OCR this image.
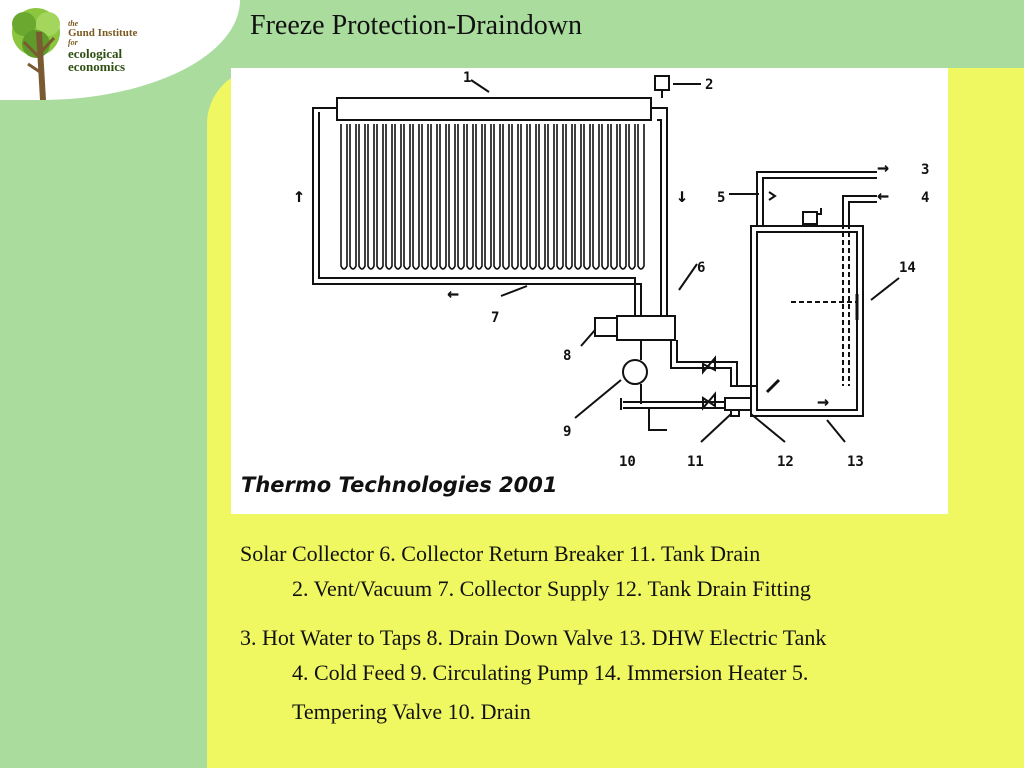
the
Gund Institute
for
ecological
economics
Freeze Protection-Draindown
↑	↓
←
→
→
←
1	2
3
4
5
6
7
8
9
10	11	12	13
14
Thermo Technologies 2001
Solar Collector 6. Collector Return Breaker 11. Tank Drain
2. Vent/Vacuum 7. Collector Supply 12. Tank Drain Fitting
3. Hot Water to Taps 8. Drain Down Valve 13. DHW Electric Tank
4. Cold Feed 9. Circulating Pump 14. Immersion Heater 5.
Tempering Valve 10. Drain
